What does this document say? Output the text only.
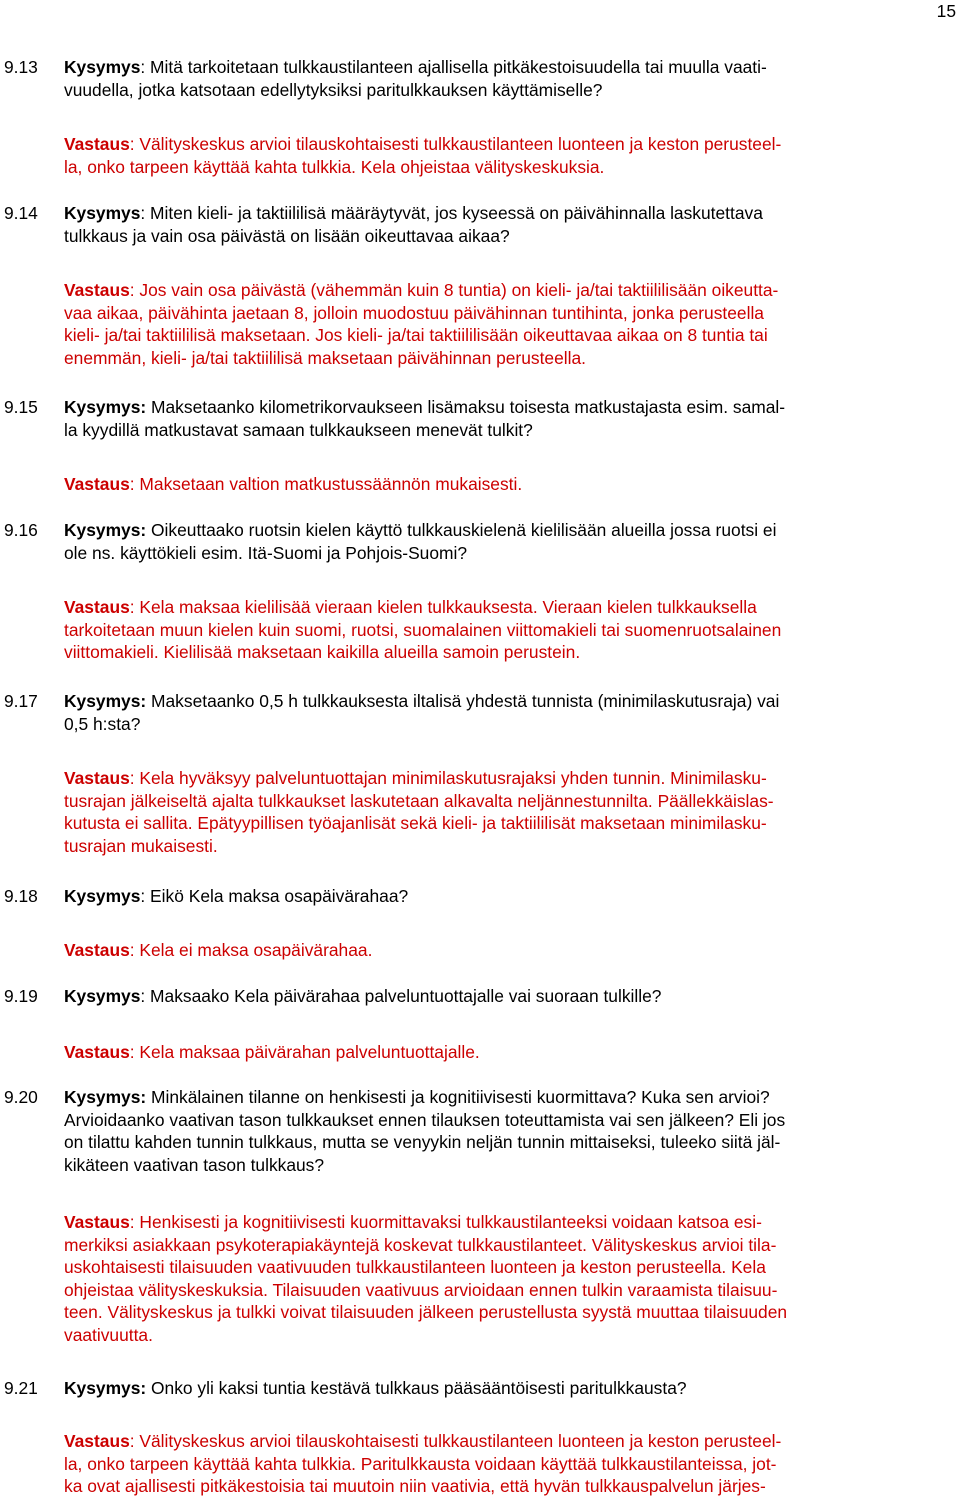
15
9.13 Kysymys: Mitä tarkoitetaan tulkkaustilanteen ajallisella pitkäkestoisuudella tai muulla vaati-
vuudella, jotka katsotaan edellytyksiksi paritulkkauksen käyttämiselle?
Vastaus: Välityskeskus arvioi tilauskohtaisesti tulkkaustilanteen luonteen ja keston perusteel-
la, onko tarpeen käyttää kahta tulkkia. Kela ohjeistaa välityskeskuksia.
9.14 Kysymys: Miten kieli- ja taktiililisä määräytyvät, jos kyseessä on päivähinnalla laskutettava
tulkkaus ja vain osa päivästä on lisään oikeuttavaa aikaa?
Vastaus: Jos vain osa päivästä (vähemmän kuin 8 tuntia) on kieli- ja/tai taktiililisään oikeutta-
vaa aikaa, päivähinta jaetaan 8, jolloin muodostuu päivähinnan tuntihinta, jonka perusteella
kieli- ja/tai taktiililisä maksetaan. Jos kieli- ja/tai taktiililisään oikeuttavaa aikaa on 8 tuntia tai
enemmän, kieli- ja/tai taktiililisä maksetaan päivähinnan perusteella.
9.15 Kysymys: Maksetaanko kilometrikorvaukseen lisämaksu toisesta matkustajasta esim. samal-
la kyydillä matkustavat samaan tulkkaukseen menevät tulkit?
Vastaus: Maksetaan valtion matkustussäännön mukaisesti.
9.16 Kysymys: Oikeuttaako ruotsin kielen käyttö tulkkauskielenä kielilisään alueilla jossa ruotsi ei
ole ns. käyttökieli esim. Itä-Suomi ja Pohjois-Suomi?
Vastaus: Kela maksaa kielilisää vieraan kielen tulkkauksesta. Vieraan kielen tulkkauksella
tarkoitetaan muun kielen kuin suomi, ruotsi, suomalainen viittomakieli tai suomenruotsalainen
viittomakieli. Kielilisää maksetaan kaikilla alueilla samoin perustein.
9.17 Kysymys: Maksetaanko 0,5 h tulkkauksesta iltalisä yhdestä tunnista (minimilaskutusraja) vai
0,5 h:sta?
Vastaus: Kela hyväksyy palveluntuottajan minimilaskutusrajaksi yhden tunnin. Minimilasku-
tusrajan jälkeiseltä ajalta tulkkaukset laskutetaan alkavalta neljännestunnilta. Päällekkäislas-
kutusta ei sallita. Epätyypillisen työajanlisät sekä kieli- ja taktiililisät maksetaan minimilasku-
tusrajan mukaisesti.
9.18 Kysymys: Eikö Kela maksa osapäivärahaa?
Vastaus: Kela ei maksa osapäivärahaa.
9.19 Kysymys: Maksaako Kela päivärahaa palveluntuottajalle vai suoraan tulkille?
Vastaus: Kela maksaa päivärahan palveluntuottajalle.
9.20 Kysymys: Minkälainen tilanne on henkisesti ja kognitiivisesti kuormittava? Kuka sen arvioi?
Arvioidaanko vaativan tason tulkkaukset ennen tilauksen toteuttamista vai sen jälkeen? Eli jos
on tilattu kahden tunnin tulkkaus, mutta se venyykin neljän tunnin mittaiseksi, tuleeko siitä jäl-
kikäteen vaativan tason tulkkaus?
Vastaus: Henkisesti ja kognitiivisesti kuormittavaksi tulkkaustilanteeksi voidaan katsoa esi-
merkiksi asiakkaan psykoterapiakäyntejä koskevat tulkkaustilanteet. Välityskeskus arvioi tila-
uskohtaisesti tilaisuuden vaativuuden tulkkaustilanteen luonteen ja keston perusteella. Kela
ohjeistaa välityskeskuksia. Tilaisuuden vaativuus arvioidaan ennen tulkin varaamista tilaisuu-
teen. Välityskeskus ja tulkki voivat tilaisuuden jälkeen perustellusta syystä muuttaa tilaisuuden
vaativuutta.
9.21 Kysymys: Onko yli kaksi tuntia kestävä tulkkaus pääsääntöisesti paritulkkausta?
Vastaus: Välityskeskus arvioi tilauskohtaisesti tulkkaustilanteen luonteen ja keston perusteel-
la, onko tarpeen käyttää kahta tulkkia. Paritulkkausta voidaan käyttää tulkkaustilanteissa, jot-
ka ovat ajallisesti pitkäkestoisia tai muutoin niin vaativia, että hyvän tulkkauspalvelun järjes-
